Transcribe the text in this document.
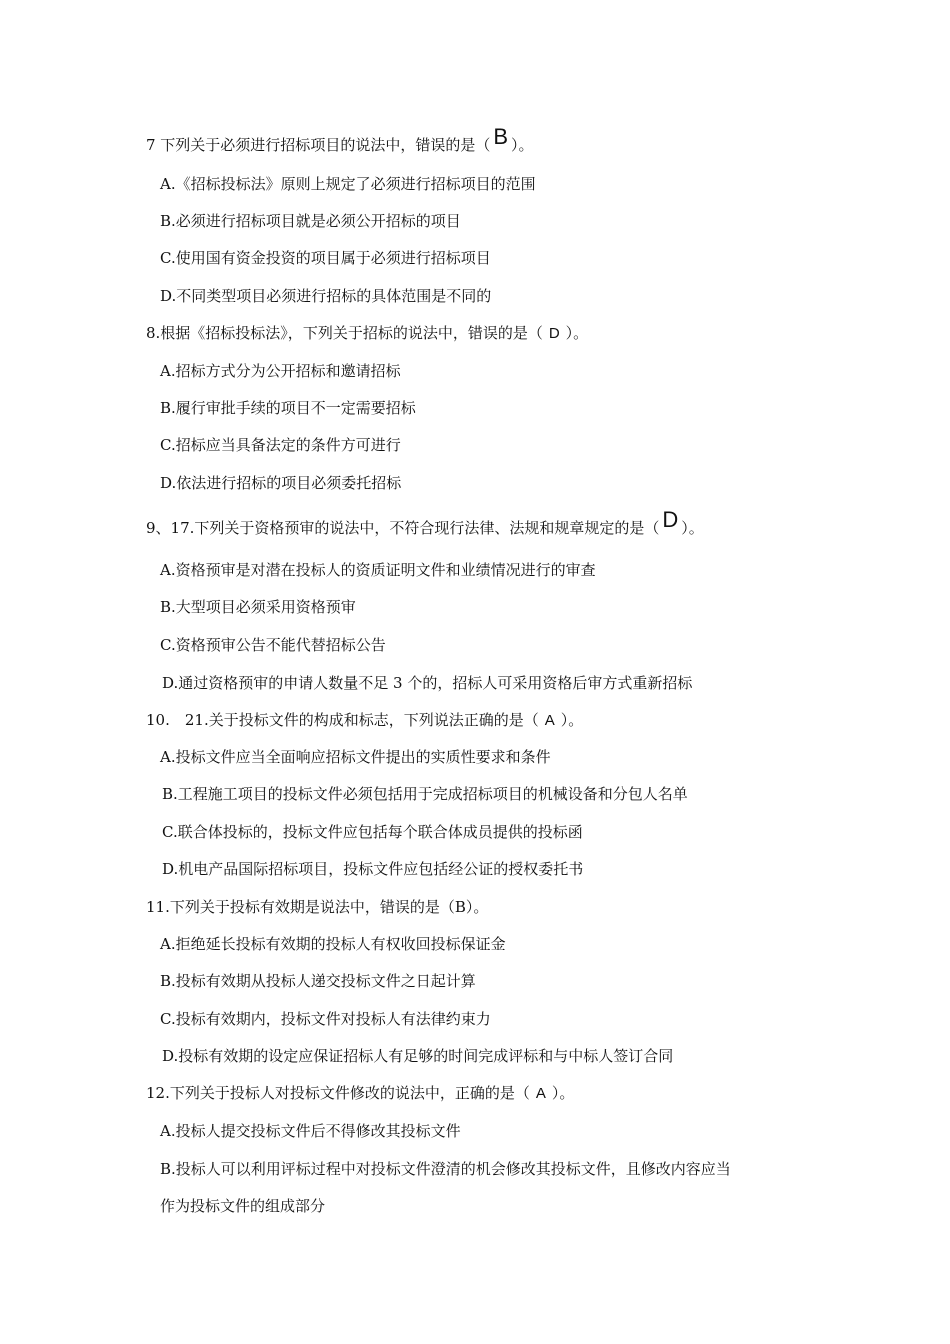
7 下列关于必须进行招标项目的说法中，错误的是（ B ）。
A.《招标投标法》原则上规定了必须进行招标项目的范围
B.必须进行招标项目就是必须公开招标的项目
C.使用国有资金投资的项目属于必须进行招标项目
D.不同类型项目必须进行招标的具体范围是不同的
8.根据《招标投标法》，下列关于招标的说法中，错误的是（ D ）。
A.招标方式分为公开招标和邀请招标
B.履行审批手续的项目不一定需要招标
C.招标应当具备法定的条件方可进行
D.依法进行招标的项目必须委托招标
9、17.下列关于资格预审的说法中，不符合现行法律、法规和规章规定的是（ D ）。
A.资格预审是对潜在投标人的资质证明文件和业绩情况进行的审查
B.大型项目必须采用资格预审
C.资格预审公告不能代替招标公告
D.通过资格预审的申请人数量不足 3 个的，招标人可采用资格后审方式重新招标
10.　21.关于投标文件的构成和标志，下列说法正确的是（ A ）。
A.投标文件应当全面响应招标文件提出的实质性要求和条件
B.工程施工项目的投标文件必须包括用于完成招标项目的机械设备和分包人名单
C.联合体投标的，投标文件应包括每个联合体成员提供的投标函
D.机电产品国际招标项目，投标文件应包括经公证的授权委托书
11.下列关于投标有效期是说法中，错误的是（B）。
A.拒绝延长投标有效期的投标人有权收回投标保证金
B.投标有效期从投标人递交投标文件之日起计算
C.投标有效期内，投标文件对投标人有法律约束力
D.投标有效期的设定应保证招标人有足够的时间完成评标和与中标人签订合同
12.下列关于投标人对投标文件修改的说法中，正确的是（ A ）。
A.投标人提交投标文件后不得修改其投标文件
B.投标人可以利用评标过程中对投标文件澄清的机会修改其投标文件，且修改内容应当
作为投标文件的组成部分
